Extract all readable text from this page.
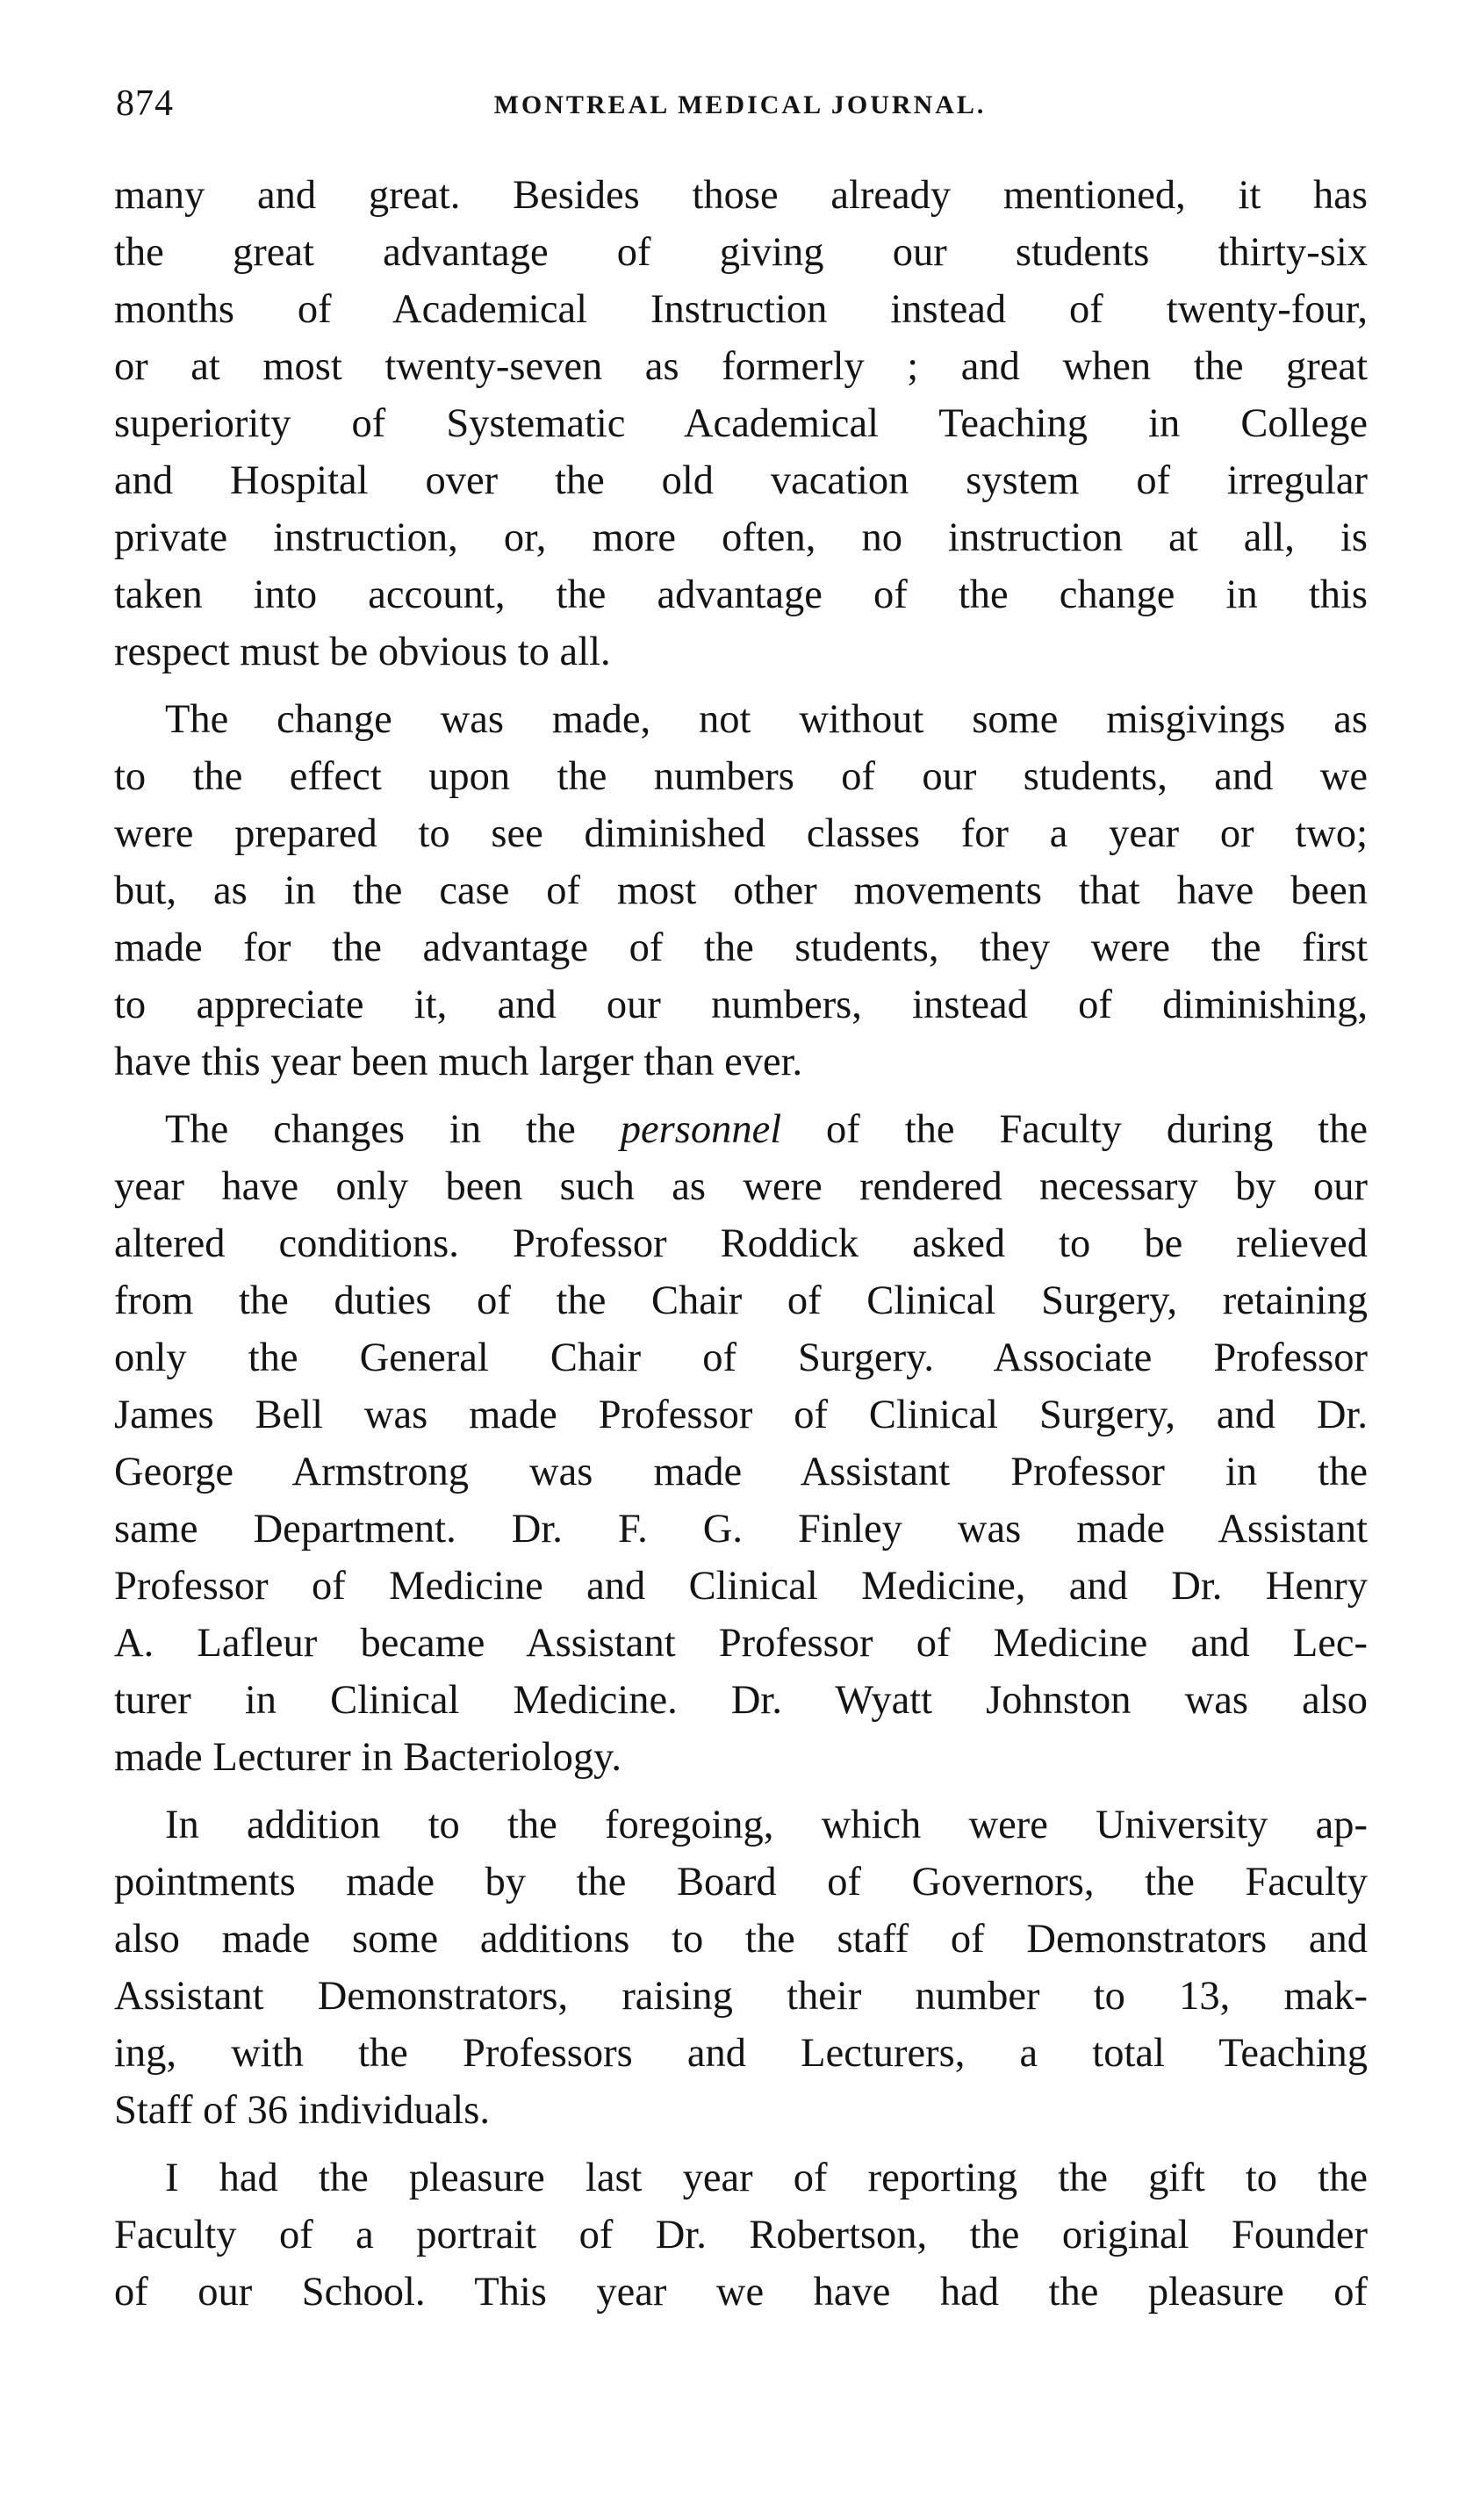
874	MONTREAL MEDICAL JOURNAL.
many and great. Besides those already mentioned, it has
the great advantage of giving our students thirty-six
months of Academical Instruction instead of twenty-four,
or at most twenty-seven as formerly ; and when the great
superiority of Systematic Academical Teaching in College
and Hospital over the old vacation system of irregular
private instruction, or, more often, no instruction at all, is
taken into account, the advantage of the change in this
respect must be obvious to all.
The change was made, not without some misgivings as
to the effect upon the numbers of our students, and we
were prepared to see diminished classes for a year or two;
but, as in the case of most other movements that have been
made for the advantage of the students, they were the first
to appreciate it, and our numbers, instead of diminishing,
have this year been much larger than ever.
The changes in the personnel of the Faculty during the
year have only been such as were rendered necessary by our
altered conditions. Professor Roddick asked to be relieved
from the duties of the Chair of Clinical Surgery, retaining
only the General Chair of Surgery. Associate Professor
James Bell was made Professor of Clinical Surgery, and Dr.
George Armstrong was made Assistant Professor in the
same Department. Dr. F. G. Finley was made Assistant
Professor of Medicine and Clinical Medicine, and Dr. Henry
A. Lafleur became Assistant Professor of Medicine and Lec-
turer in Clinical Medicine. Dr. Wyatt Johnston was also
made Lecturer in Bacteriology.
In addition to the foregoing, which were University ap-
pointments made by the Board of Governors, the Faculty
also made some additions to the staff of Demonstrators and
Assistant Demonstrators, raising their number to 13, mak-
ing, with the Professors and Lecturers, a total Teaching
Staff of 36 individuals.
I had the pleasure last year of reporting the gift to the
Faculty of a portrait of Dr. Robertson, the original Founder
of our School. This year we have had the pleasure of
